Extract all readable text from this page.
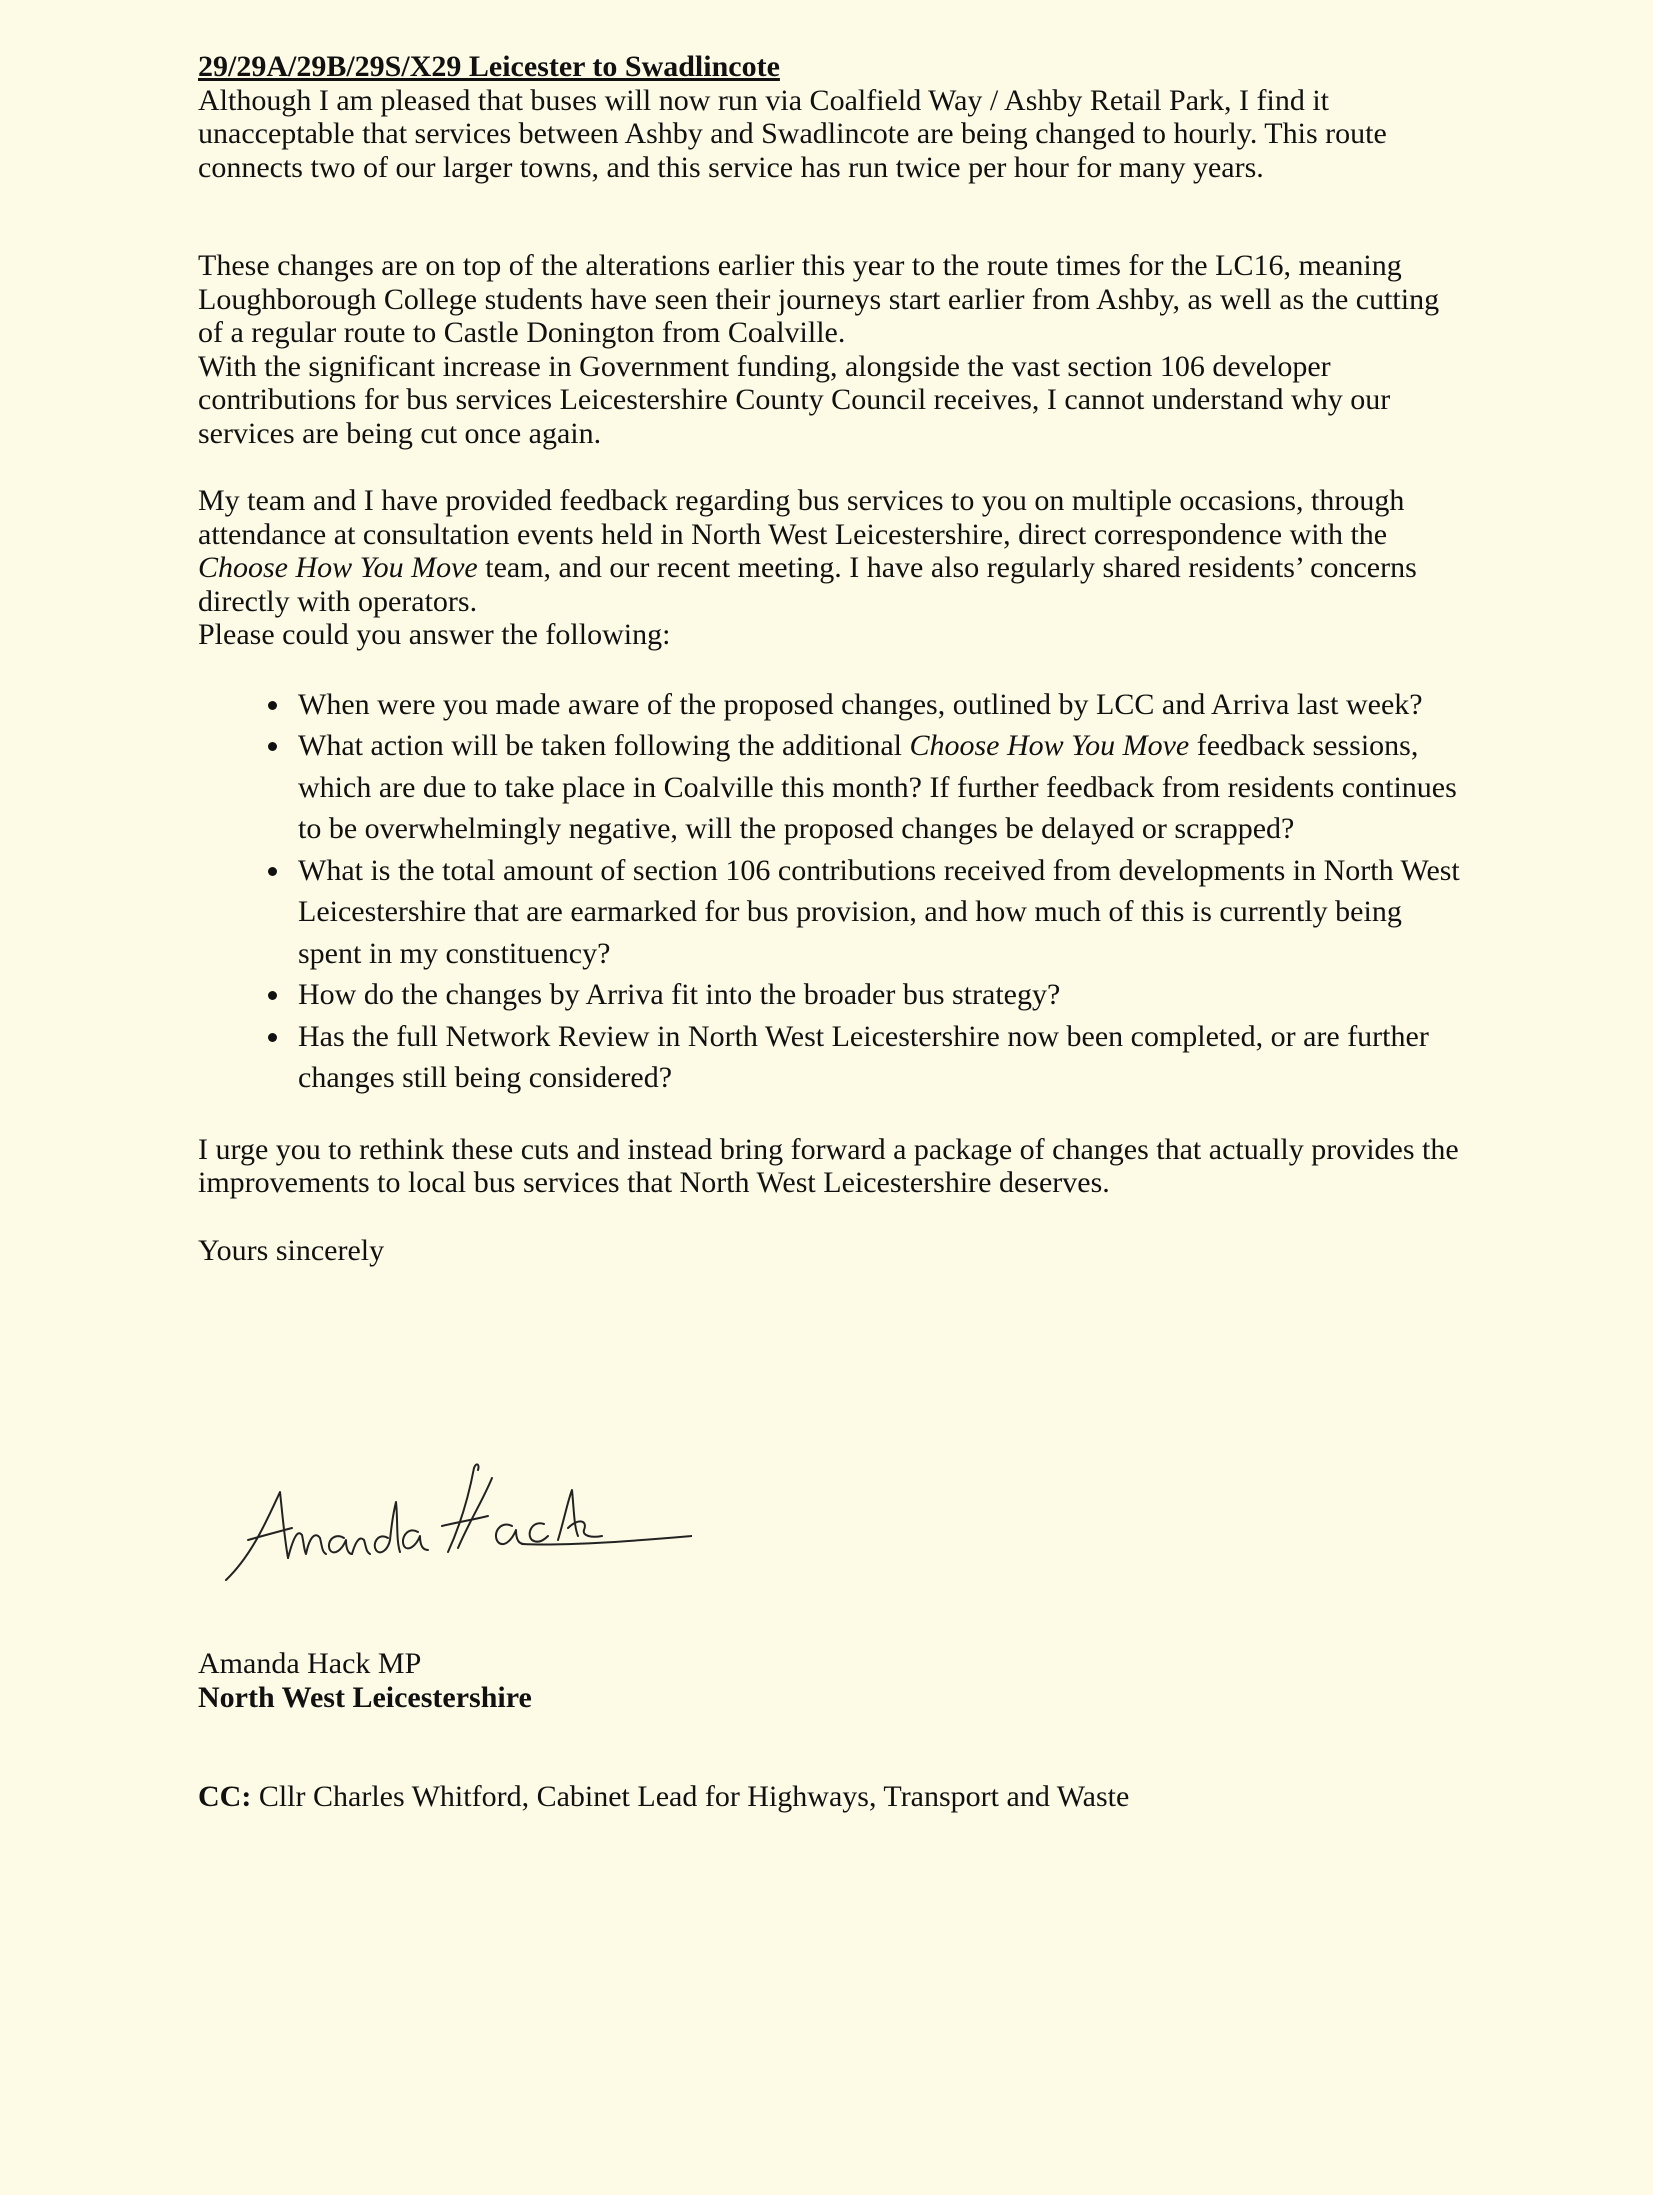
29/29A/29B/29S/X29 Leicester to Swadlincote

Although I am pleased that buses will now run via Coalfield Way / Ashby Retail Park, I find it unacceptable that services between Ashby and Swadlincote are being changed to hourly. This route connects two of our larger towns, and this service has run twice per hour for many years.

These changes are on top of the alterations earlier this year to the route times for the LC16, meaning Loughborough College students have seen their journeys start earlier from Ashby, as well as the cutting of a regular route to Castle Donington from Coalville.

With the significant increase in Government funding, alongside the vast section 106 developer contributions for bus services Leicestershire County Council receives, I cannot understand why our services are being cut once again.

My team and I have provided feedback regarding bus services to you on multiple occasions, through attendance at consultation events held in North West Leicestershire, direct correspondence with the Choose How You Move team, and our recent meeting. I have also regularly shared residents’ concerns directly with operators.

Please could you answer the following:

When were you made aware of the proposed changes, outlined by LCC and Arriva last week?
What action will be taken following the additional Choose How You Move feedback sessions, which are due to take place in Coalville this month? If further feedback from residents continues to be overwhelmingly negative, will the proposed changes be delayed or scrapped?
What is the total amount of section 106 contributions received from developments in North West Leicestershire that are earmarked for bus provision, and how much of this is currently being spent in my constituency?
How do the changes by Arriva fit into the broader bus strategy?
Has the full Network Review in North West Leicestershire now been completed, or are further changes still being considered?

I urge you to rethink these cuts and instead bring forward a package of changes that actually provides the improvements to local bus services that North West Leicestershire deserves.

Yours sincerely

Amanda Hack MP
North West Leicestershire
CC: Cllr Charles Whitford, Cabinet Lead for Highways, Transport and Waste
